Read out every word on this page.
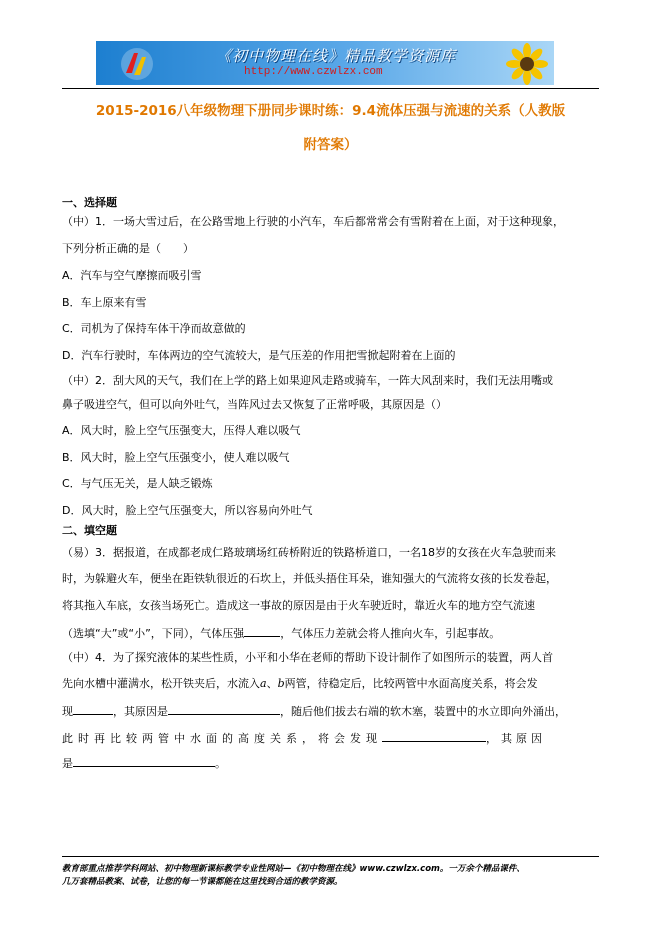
《初中物理在线》精品教学资源库
http://www.czwlzx.com
2015-2016八年级物理下册同步课时练：9.4流体压强与流速的关系（人教版
附答案）
一、选择题
（中）1．一场大雪过后，在公路雪地上行驶的小汽车，车后都常常会有雪附着在上面，对于这种现象，
下列分析正确的是（　　）
A．汽车与空气摩擦而吸引雪
B．车上原来有雪
C．司机为了保持车体干净而故意做的
D．汽车行驶时，车体两边的空气流较大，是气压差的作用把雪掀起附着在上面的
（中）2．刮大风的天气，我们在上学的路上如果迎风走路或骑车，一阵大风刮来时，我们无法用嘴或
鼻子吸进空气，但可以向外吐气，当阵风过去又恢复了正常呼吸，其原因是（）
A．风大时，脸上空气压强变大，压得人难以吸气
B．风大时，脸上空气压强变小，使人难以吸气
C．与气压无关，是人缺乏锻炼
D．风大时，脸上空气压强变大，所以容易向外吐气
二、填空题
（易）3．据报道，在成都老成仁路玻璃场红砖桥附近的铁路桥道口，一名18岁的女孩在火车急驶而来
时，为躲避火车，便坐在距铁轨很近的石坎上，并低头捂住耳朵，谁知强大的气流将女孩的长发卷起，
将其拖入车底，女孩当场死亡。造成这一事故的原因是由于火车驶近时，靠近火车的地方空气流速
（选填“大”或“小”，下同），气体压强	，气体压力差就会将人推向火车，引起事故。
（中）4．为了探究液体的某些性质，小平和小华在老师的帮助下设计制作了如图所示的装置，两人首
先向水槽中灌满水，松开铁夹后，水流入a、b两管，待稳定后，比较两管中水面高度关系，将会发
现	，其原因是	，随后他们拔去右端的软木塞，装置中的水立即向外涌出，
此时再比较两管中水面的高度关系，将会发现	，其原因
是	。
教育部重点推荐学科网站、初中物理新课标教学专业性网站—《初中物理在线》www.czwlzx.com。一万余个精品课件、
几万套精品教案、试卷，让您的每一节课都能在这里找到合适的教学资源。
